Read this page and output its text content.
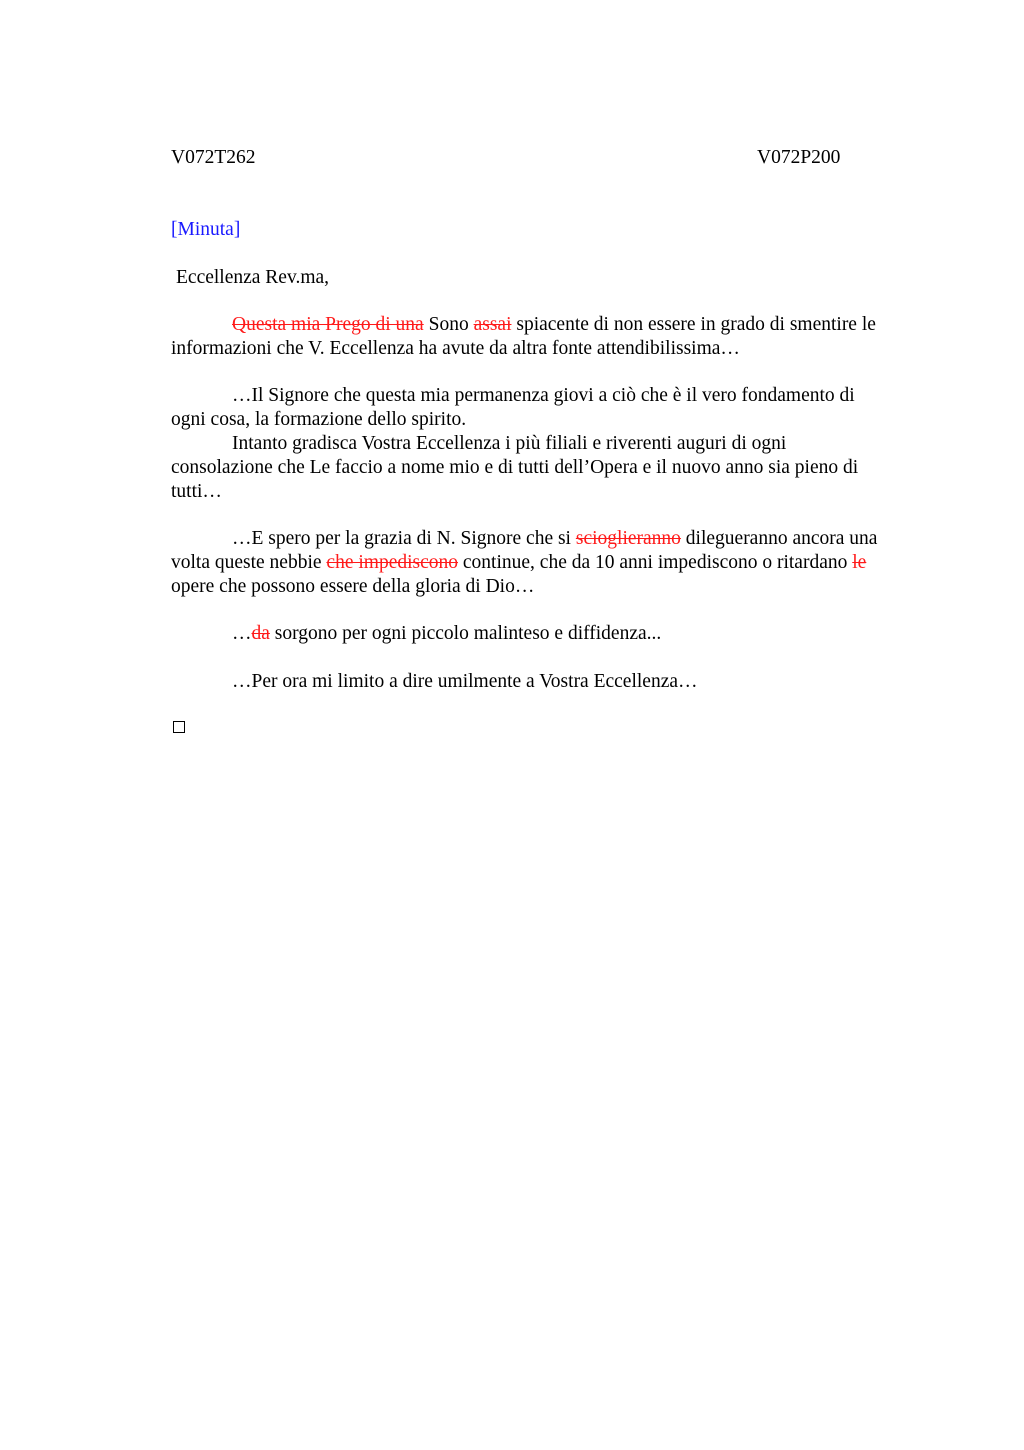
V072T262	V072P200
[Minuta]
Eccellenza Rev.ma,
Questa mia Prego di una Sono assai spiacente di non essere in grado di smentire le
informazioni che V. Eccellenza ha avute da altra fonte attendibilissima…
…Il Signore che questa mia permanenza giovi a ciò che è il vero fondamento di
ogni cosa, la formazione dello spirito.
Intanto gradisca Vostra Eccellenza i più filiali e riverenti auguri di ogni
consolazione che Le faccio a nome mio e di tutti dell’Opera e il nuovo anno sia pieno di
tutti…
…E spero per la grazia di N. Signore che si scioglieranno dilegueranno ancora una
volta queste nebbie che impediscono continue, che da 10 anni impediscono o ritardano le
opere che possono essere della gloria di Dio…
…da sorgono per ogni piccolo malinteso e diffidenza...
…Per ora mi limito a dire umilmente a Vostra Eccellenza…
